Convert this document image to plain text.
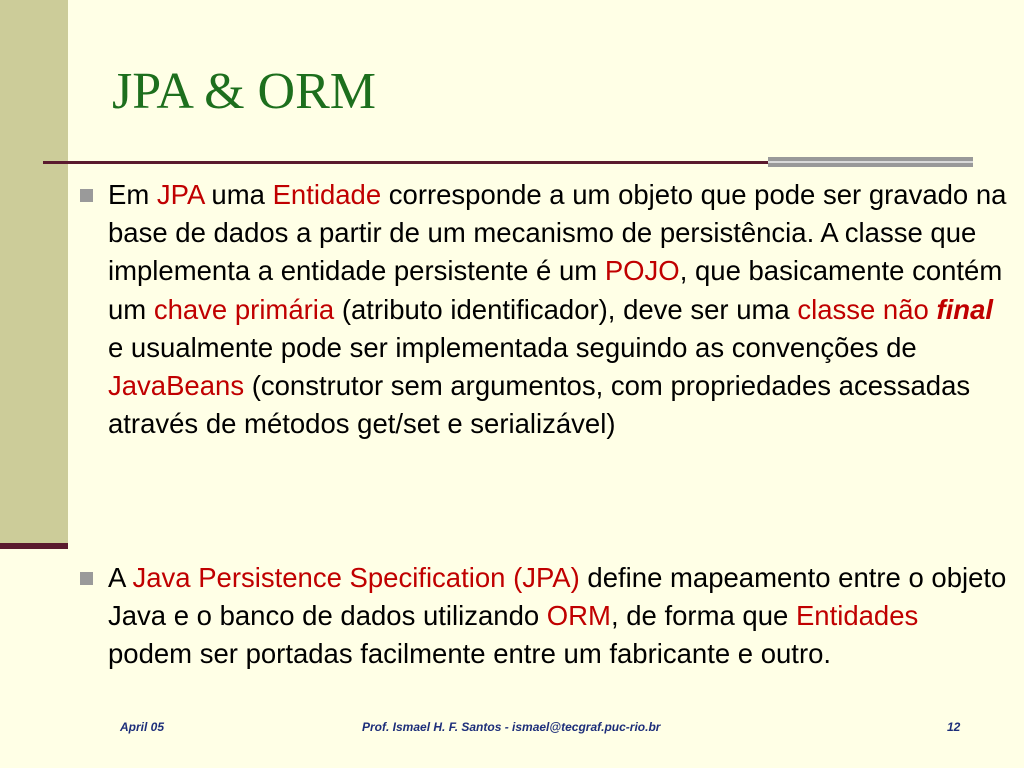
JPA & ORM
Em JPA uma Entidade corresponde a um objeto que pode ser gravado na base de dados a partir de um mecanismo de persistência. A classe que implementa a entidade persistente é um POJO, que basicamente contém um chave primária (atributo identificador), deve ser uma classe não final e usualmente pode ser implementada seguindo as convenções de JavaBeans (construtor sem argumentos, com propriedades acessadas através de métodos get/set e serializável)
A Java Persistence Specification (JPA) define mapeamento entre o objeto Java e o banco de dados utilizando ORM, de forma que Entidades podem ser portadas facilmente entre um fabricante e outro.
April 05	Prof. Ismael H. F. Santos - ismael@tecgraf.puc-rio.br	12
